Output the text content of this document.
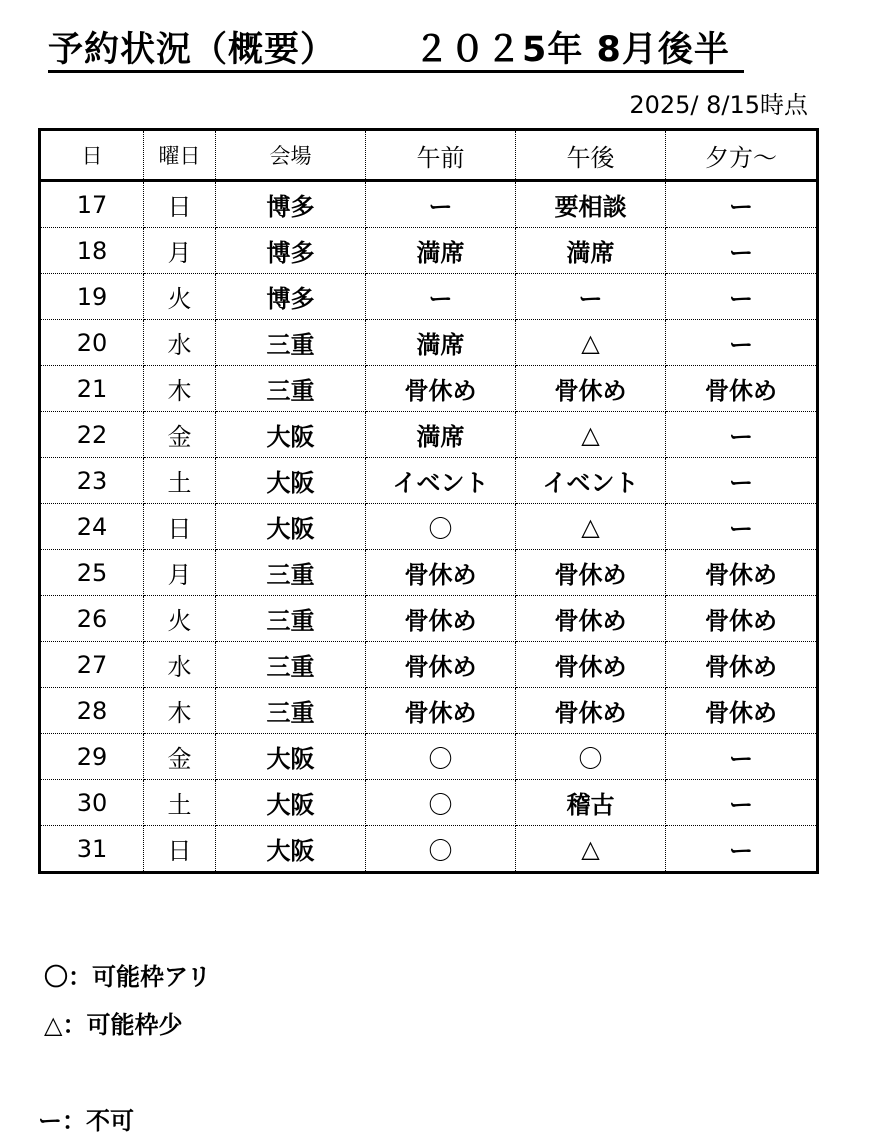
予約状況（概要） ２０２5年 8月後半
2025/ 8/15時点
日	曜日	会場	午前	午後	夕方～
17	日	博多	ー	要相談	ー
18	月	博多	満席	満席	ー
19	火	博多	ー	ー	ー
20	水	三重	満席	△	ー
21	木	三重	骨休め	骨休め	骨休め
22	金	大阪	満席	△	ー
23	土	大阪	イベント	イベント	ー
24	日	大阪	〇	△	ー
25	月	三重	骨休め	骨休め	骨休め
26	火	三重	骨休め	骨休め	骨休め
27	水	三重	骨休め	骨休め	骨休め
28	木	三重	骨休め	骨休め	骨休め
29	金	大阪	〇	〇	ー
30	土	大阪	〇	稽古	ー
31	日	大阪	〇	△	ー
〇：可能枠アリ
△：可能枠少
ー：不可
